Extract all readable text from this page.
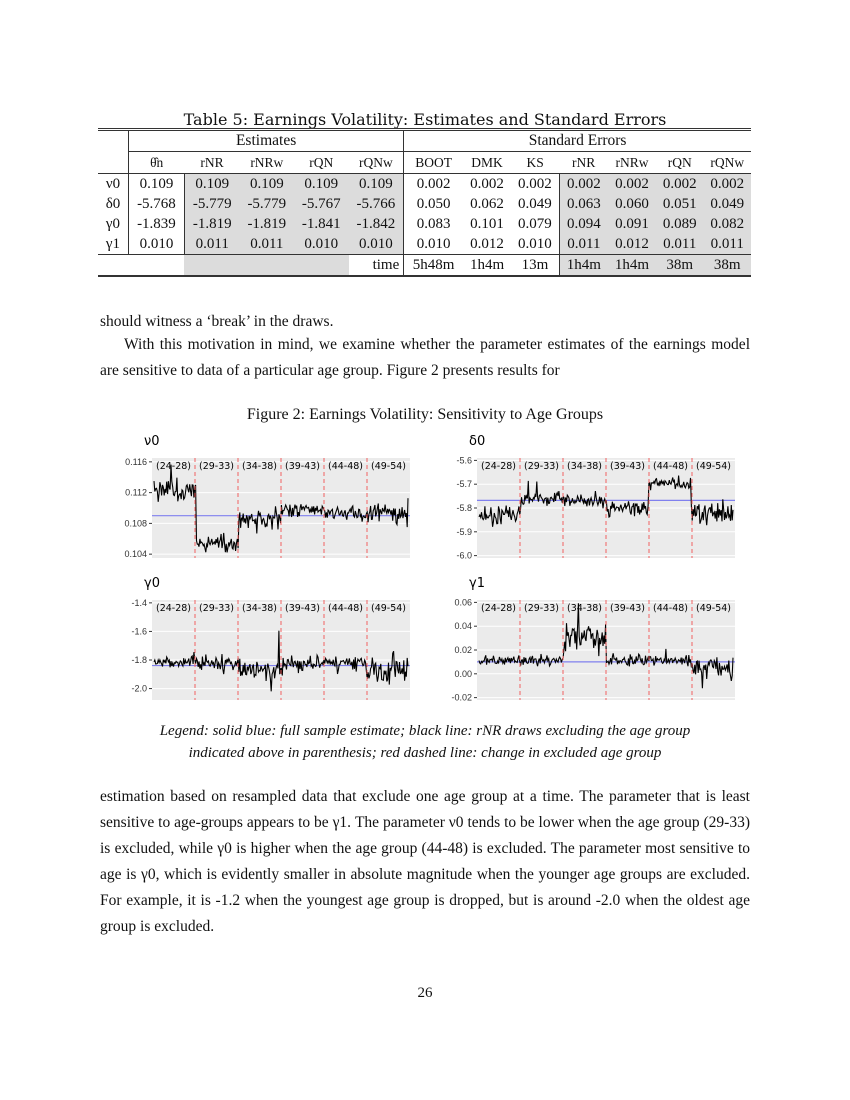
Table 5: Earnings Volatility: Estimates and Standard Errors
	Estimates					Standard Errors						
	θ̂n	rNR	rNRw	rQN	rQNw	BOOT	DMK	KS	rNR	rNRw	rQN	rQNw
ν0	0.109	0.109	0.109	0.109	0.109	0.002	0.002	0.002	0.002	0.002	0.002	0.002
δ0	-5.768	-5.779	-5.779	-5.767	-5.766	0.050	0.062	0.049	0.063	0.060	0.051	0.049
γ0	-1.839	-1.819	-1.819	-1.841	-1.842	0.083	0.101	0.079	0.094	0.091	0.089	0.082
γ1	0.010	0.011	0.011	0.010	0.010	0.010	0.012	0.010	0.011	0.012	0.011	0.011
					time	5h48m	1h4m	13m	1h4m	1h4m	38m	38m
should witness a ‘break’ in the draws.
With this motivation in mind, we examine whether the parameter estimates of the earnings model are sensitive to data of a particular age group. Figure 2 presents results for
Figure 2: Earnings Volatility: Sensitivity to Age Groups
ν0
0.116
0.112
0.108
0.104
(24-28) (29-33) (34-38) (39-43) (44-48) (49-54)
δ0
-5.6
-5.7
-5.8
-5.9
-6.0
(24-28) (29-33) (34-38) (39-43) (44-48) (49-54)
γ0
-1.4
-1.6
-1.8
-2.0
(24-28) (29-33) (34-38) (39-43) (44-48) (49-54)
γ1
0.06
0.04
0.02
0.00
-0.02
(24-28) (29-33) (34-38) (39-43) (44-48) (49-54)
Legend: solid blue: full sample estimate; black line: rNR draws excluding the age group
indicated above in parenthesis; red dashed line: change in excluded age group
estimation based on resampled data that exclude one age group at a time. The parameter that is least sensitive to age-groups appears to be γ1. The parameter ν0 tends to be lower when the age group (29-33) is excluded, while γ0 is higher when the age group (44-48) is excluded. The parameter most sensitive to age is γ0, which is evidently smaller in absolute magnitude when the younger age groups are excluded. For example, it is -1.2 when the youngest age group is dropped, but is around -2.0 when the oldest age group is excluded.
26
